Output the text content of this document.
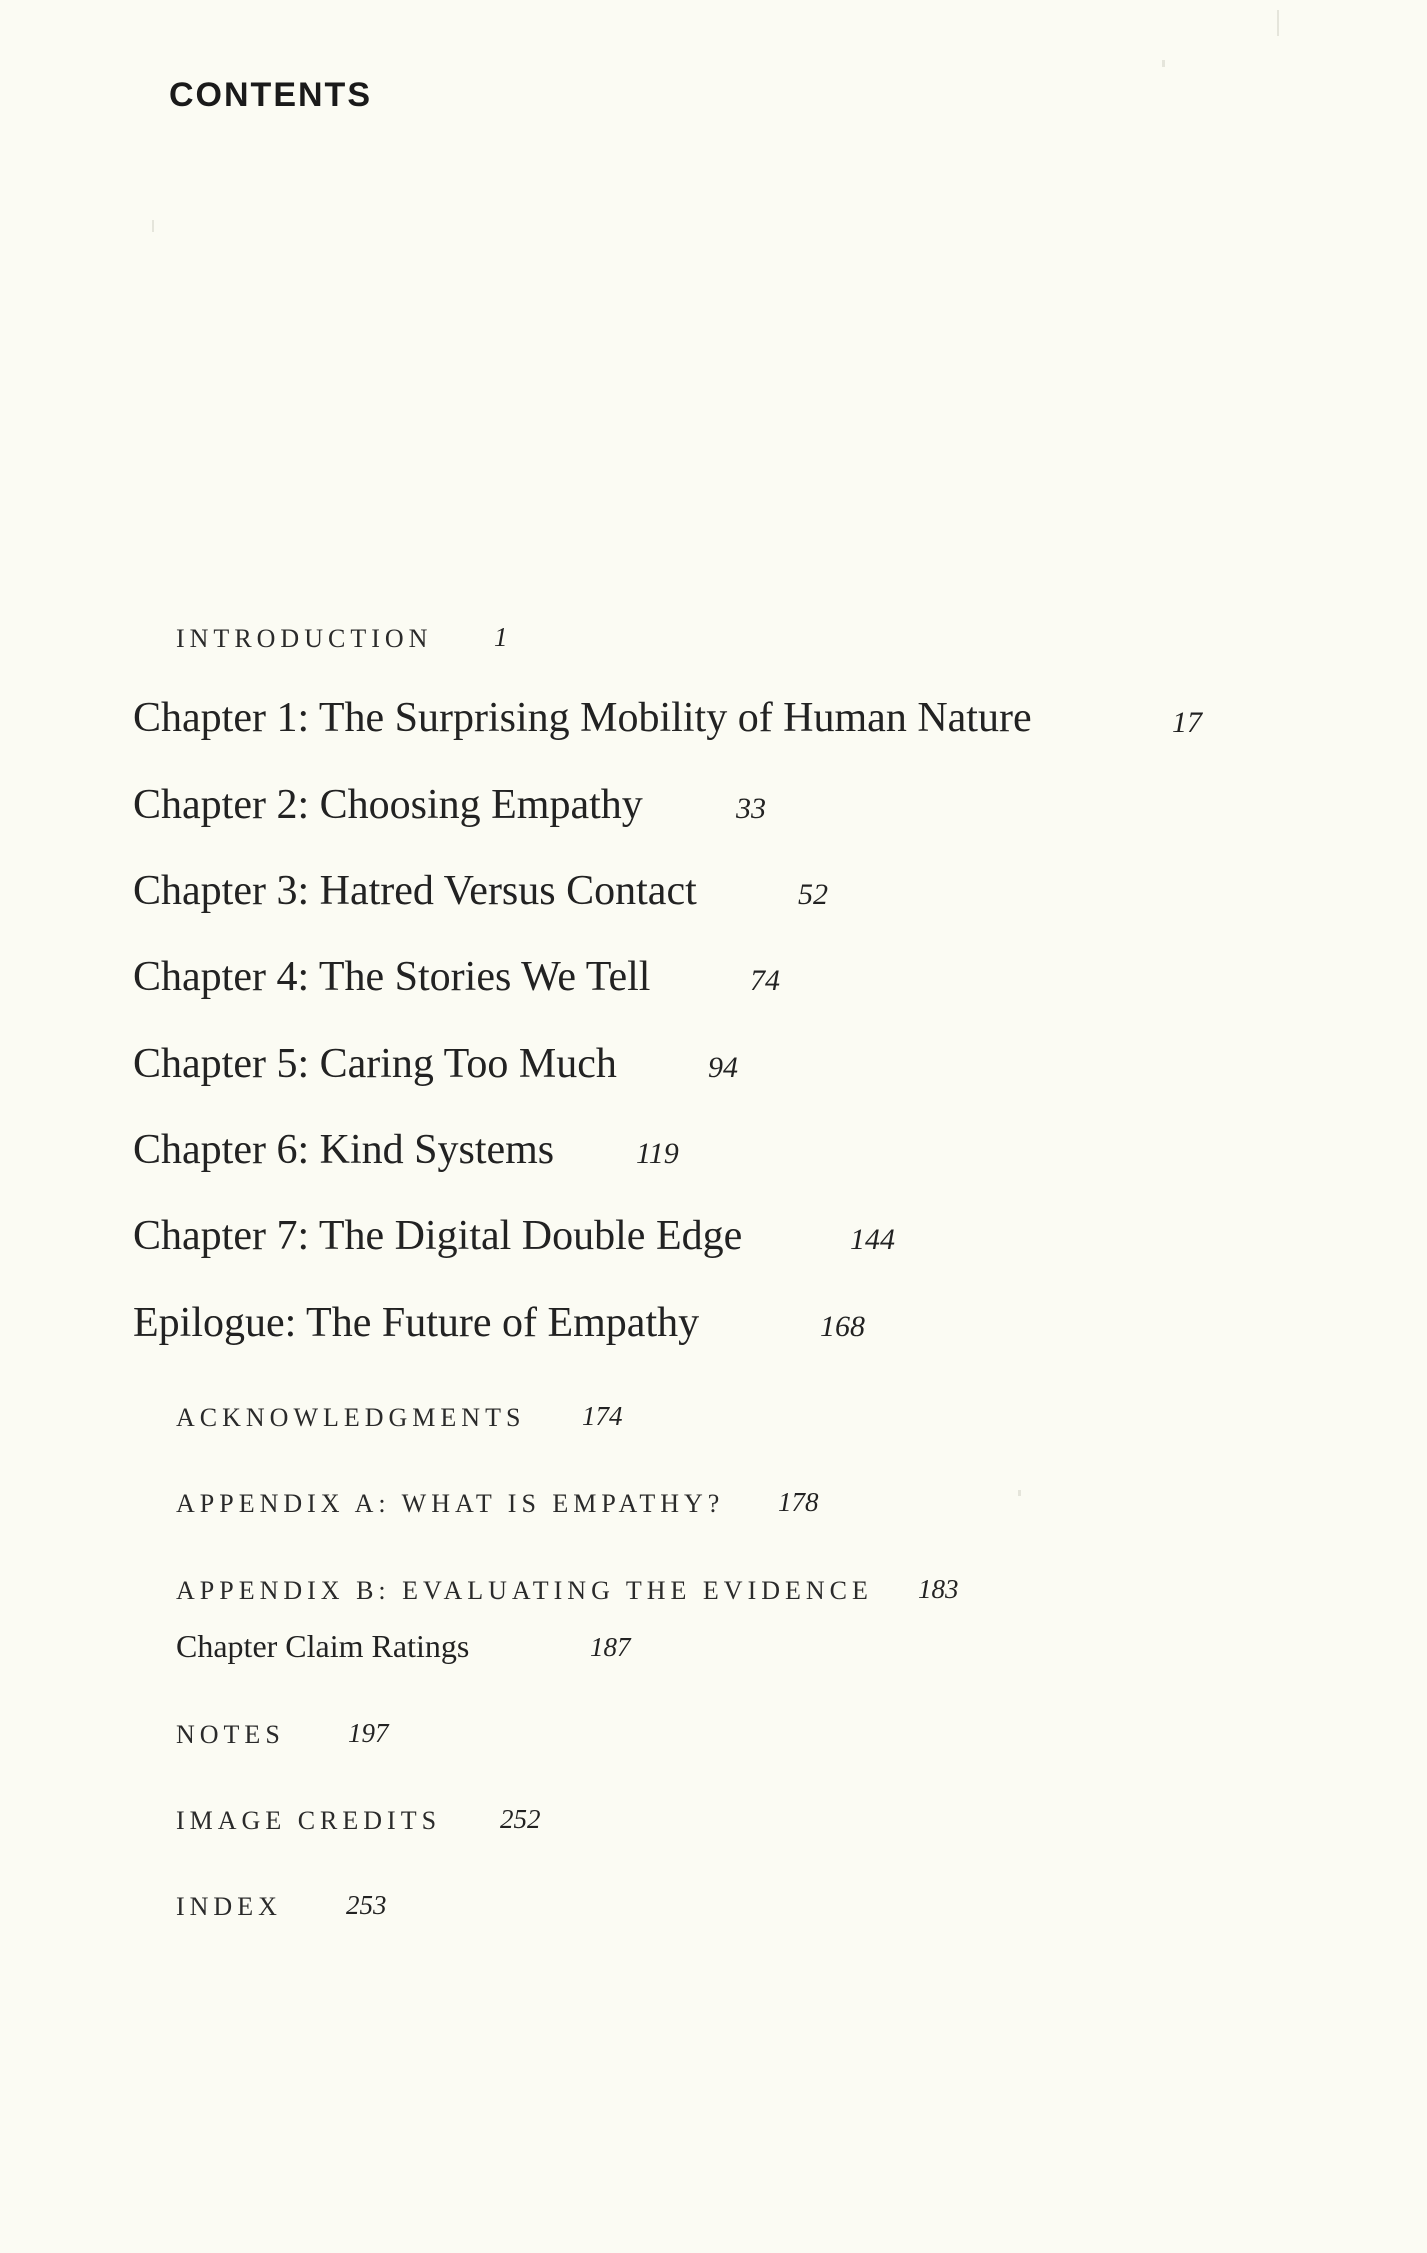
CONTENTS
INTRODUCTION 1
Chapter 1: The Surprising Mobility of Human Nature	17
Chapter 2: Choosing Empathy	33
Chapter 3: Hatred Versus Contact	52
Chapter 4: The Stories We Tell	74
Chapter 5: Caring Too Much	94
Chapter 6: Kind Systems	119
Chapter 7: The Digital Double Edge	144
Epilogue: The Future of Empathy	168
ACKNOWLEDGMENTS 174
APPENDIX A: WHAT IS EMPATHY? 178
APPENDIX B: EVALUATING THE EVIDENCE 183
Chapter Claim Ratings	187
NOTES 197
IMAGE CREDITS 252
INDEX 253
